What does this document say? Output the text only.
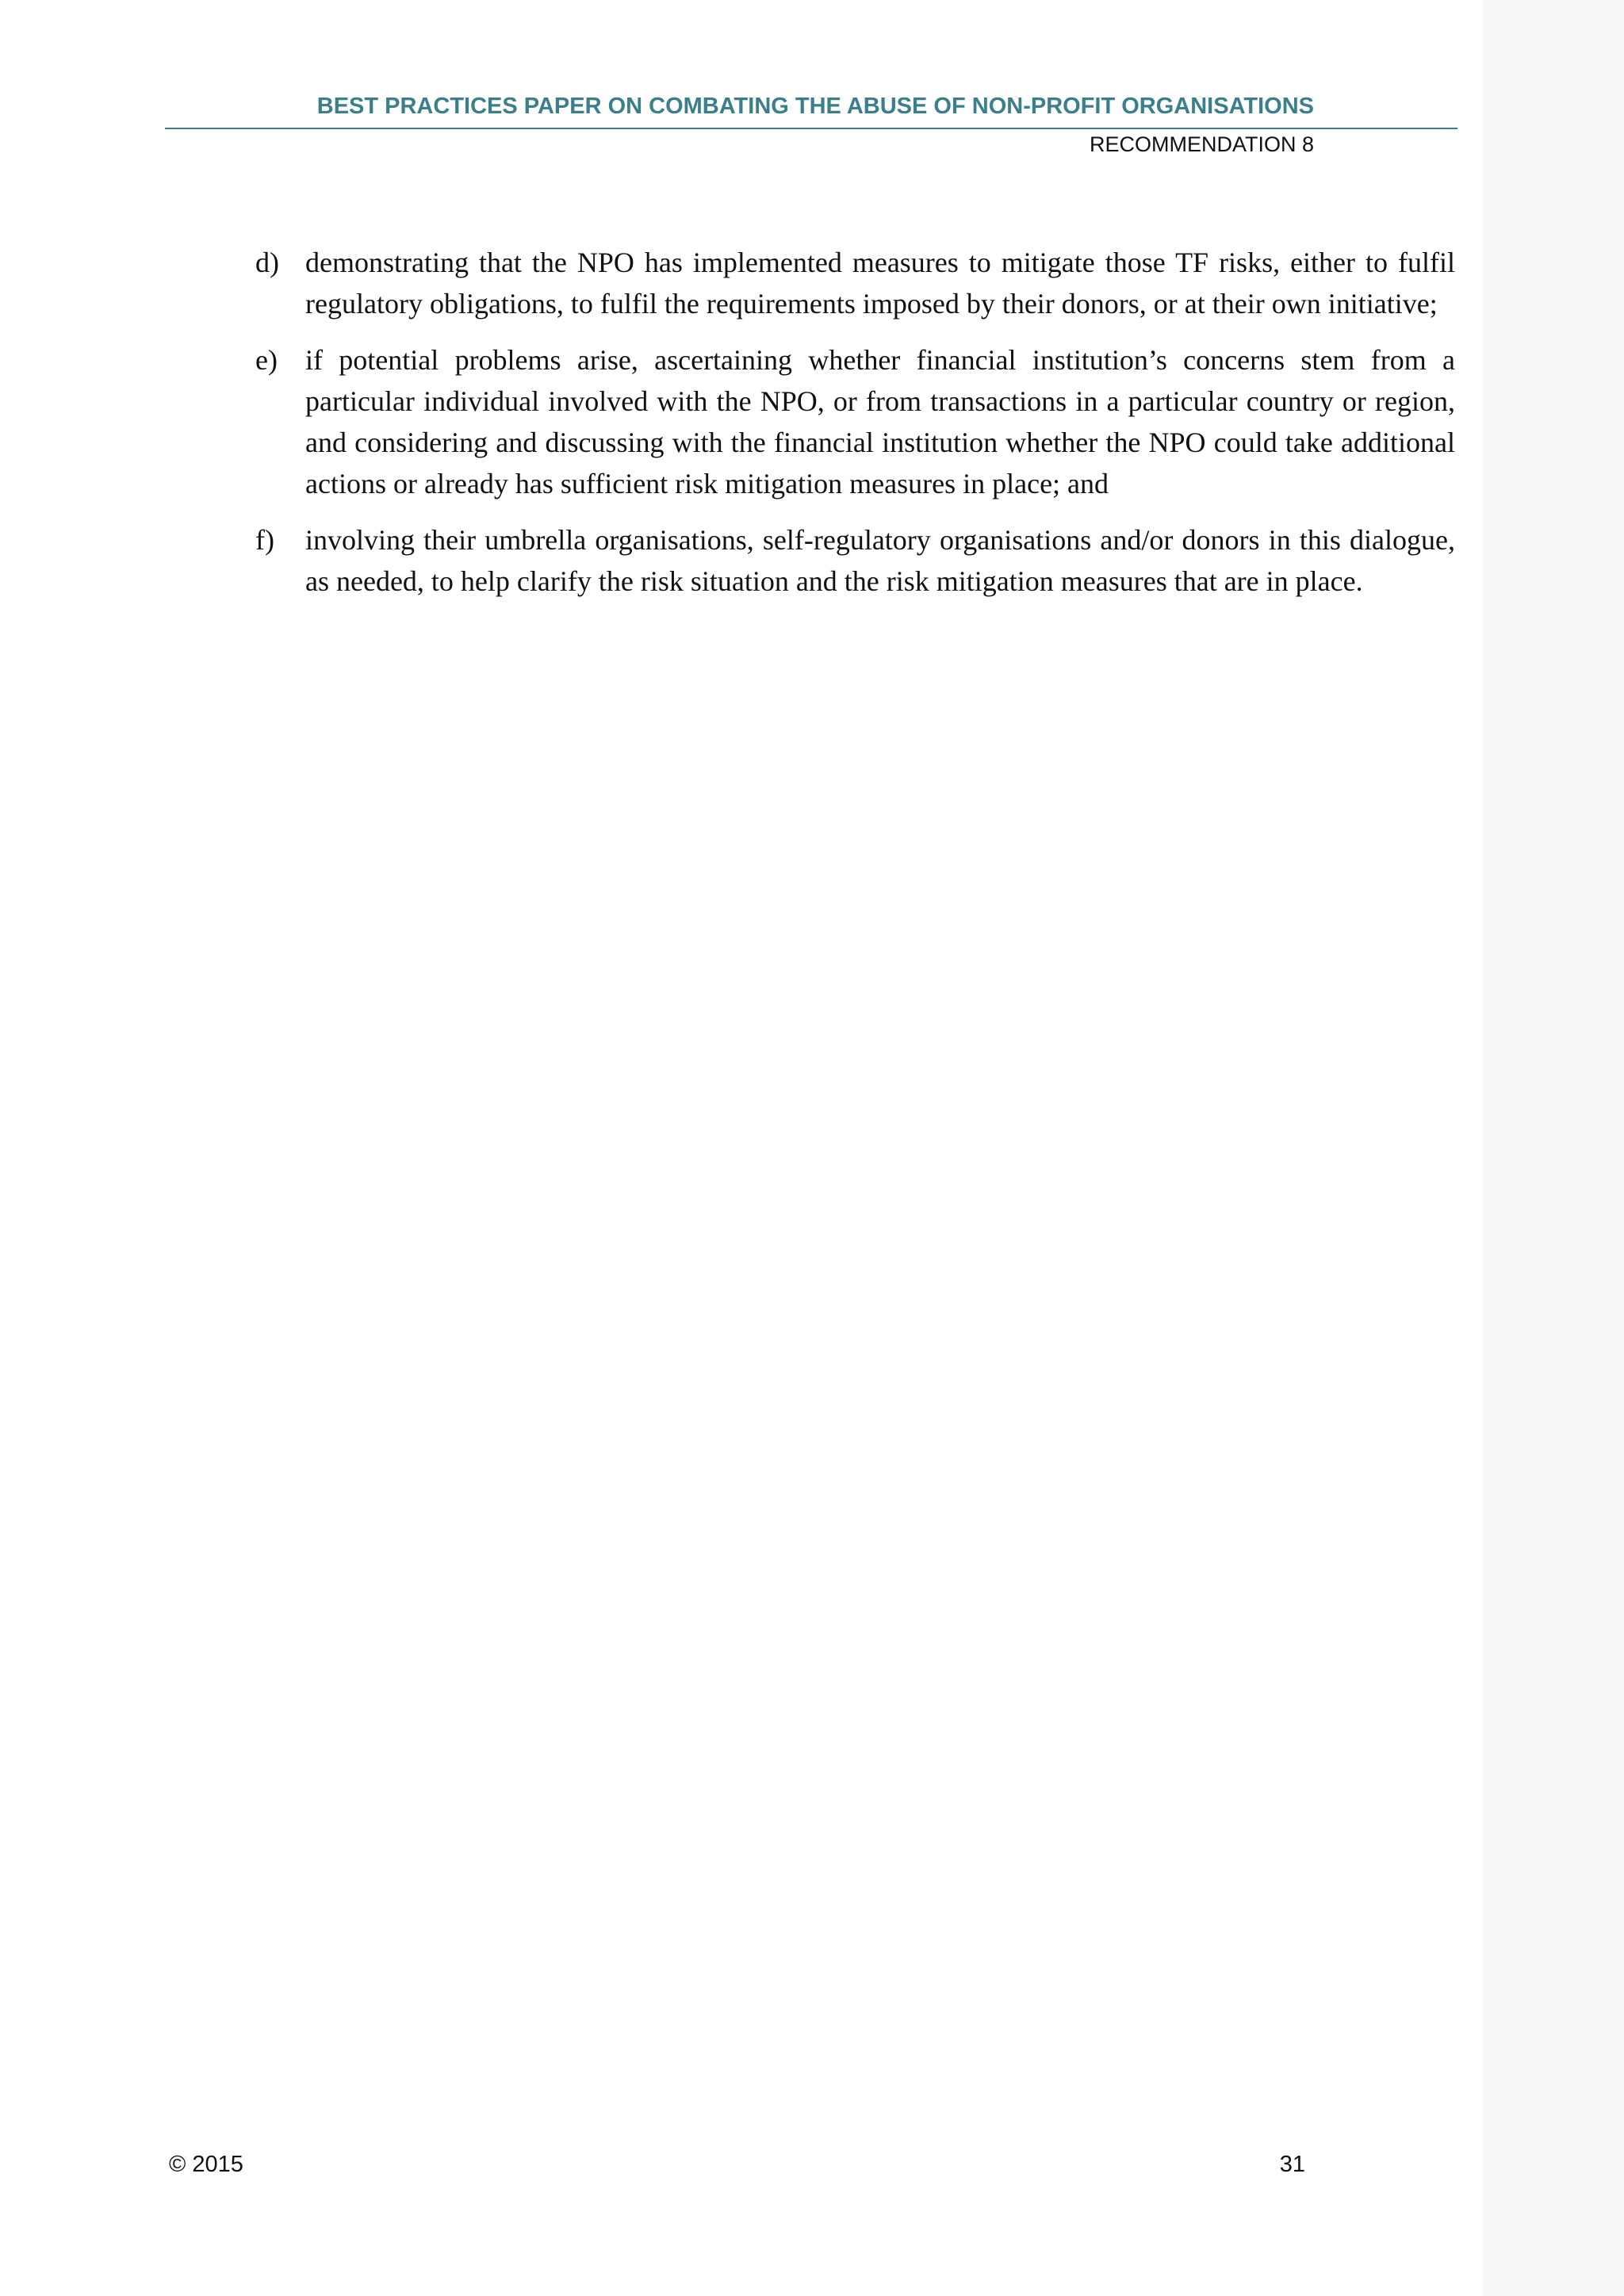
BEST PRACTICES PAPER ON COMBATING THE ABUSE OF NON-PROFIT ORGANISATIONS
RECOMMENDATION 8
d) demonstrating that the NPO has implemented measures to mitigate those TF risks, either to fulfil regulatory obligations, to fulfil the requirements imposed by their donors, or at their own initiative;
e) if potential problems arise, ascertaining whether financial institution’s concerns stem from a particular individual involved with the NPO, or from transactions in a particular country or region, and considering and discussing with the financial institution whether the NPO could take additional actions or already has sufficient risk mitigation measures in place; and
f)	involving their umbrella organisations, self-regulatory organisations and/or donors in this dialogue, as needed, to help clarify the risk situation and the risk mitigation measures that are in place.
© 2015	31
